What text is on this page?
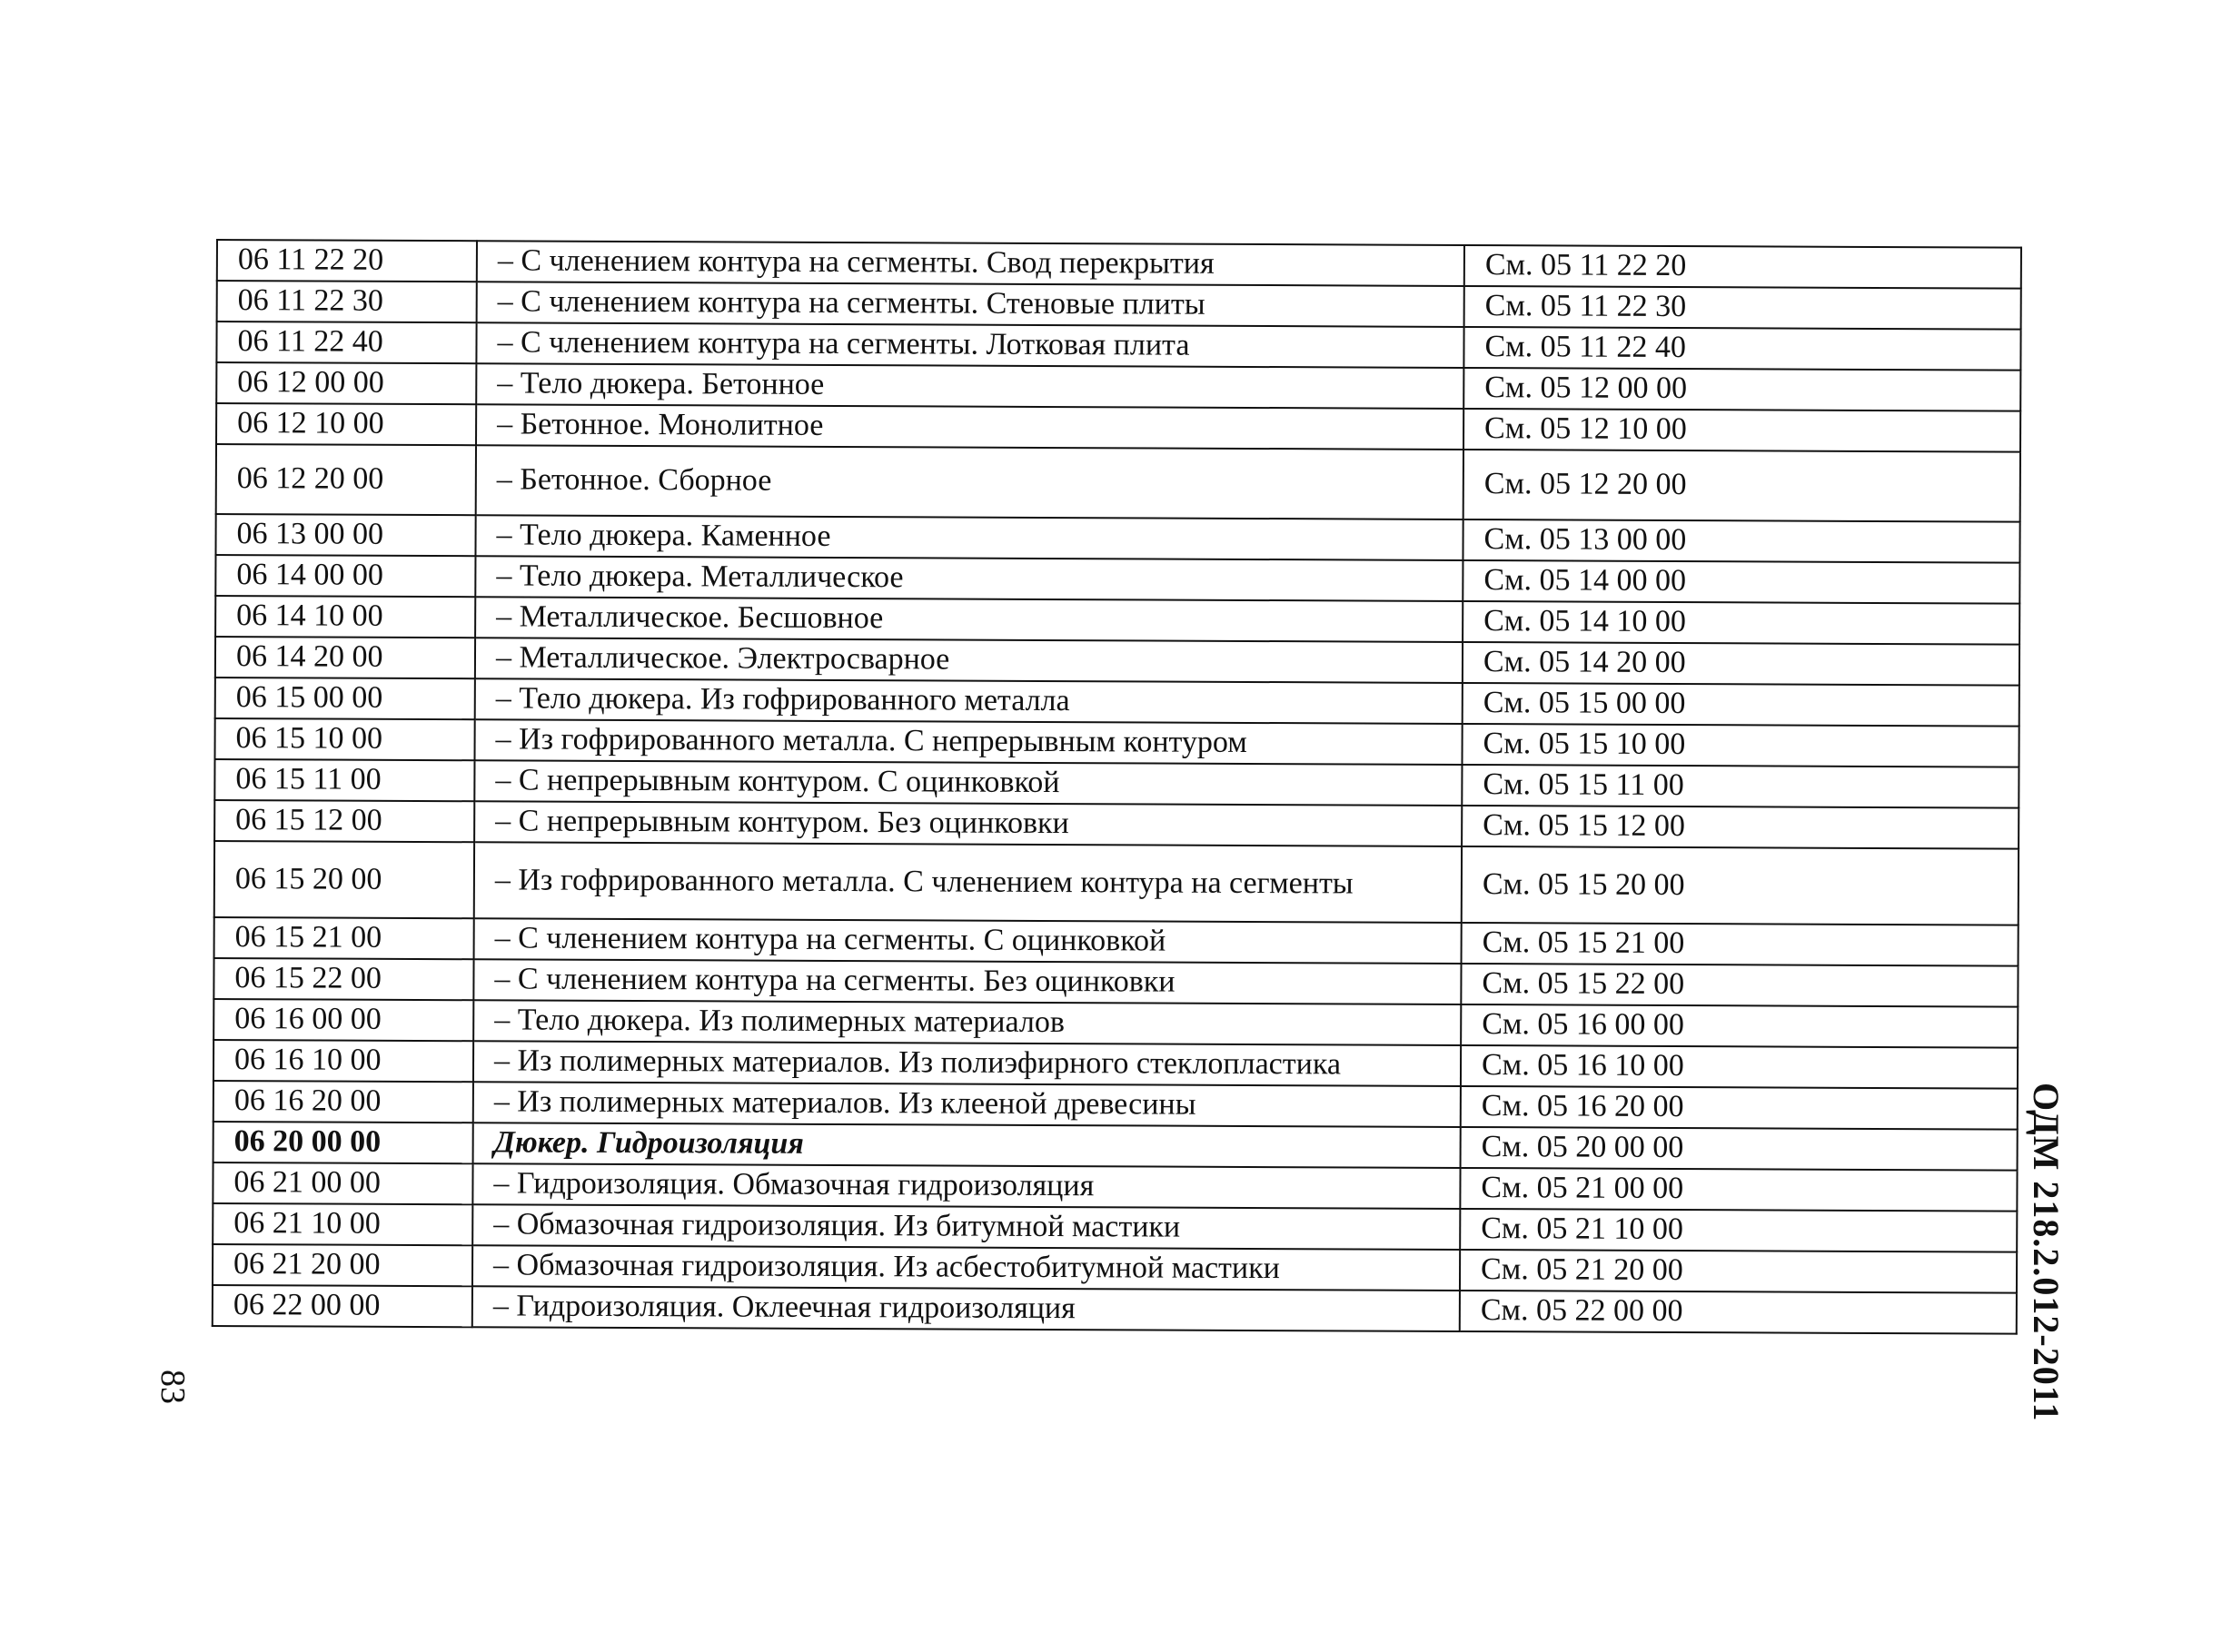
06 11 22 20	– С членением контура на сегменты. Свод перекрытия	См. 05 11 22 20
06 11 22 30	– С членением контура на сегменты. Стеновые плиты	См. 05 11 22 30
06 11 22 40	– С членением контура на сегменты. Лотковая плита	См. 05 11 22 40
06 12 00 00	– Тело дюкера. Бетонное	См. 05 12 00 00
06 12 10 00	– Бетонное. Монолитное	См. 05 12 10 00
06 12 20 00	– Бетонное. Сборное	См. 05 12 20 00
06 13 00 00	– Тело дюкера. Каменное	См. 05 13 00 00
06 14 00 00	– Тело дюкера. Металлическое	См. 05 14 00 00
06 14 10 00	– Металлическое. Бесшовное	См. 05 14 10 00
06 14 20 00	– Металлическое. Электросварное	См. 05 14 20 00
06 15 00 00	– Тело дюкера. Из гофрированного металла	См. 05 15 00 00
06 15 10 00	– Из гофрированного металла. С непрерывным контуром	См. 05 15 10 00
06 15 11 00	– С непрерывным контуром. С оцинковкой	См. 05 15 11 00
06 15 12 00	– С непрерывным контуром. Без оцинковки	См. 05 15 12 00
06 15 20 00	– Из гофрированного металла. С членением контура на сегменты	См. 05 15 20 00
06 15 21 00	– С членением контура на сегменты. С оцинковкой	См. 05 15 21 00
06 15 22 00	– С членением контура на сегменты. Без оцинковки	См. 05 15 22 00
06 16 00 00	– Тело дюкера. Из полимерных материалов	См. 05 16 00 00
06 16 10 00	– Из полимерных материалов. Из полиэфирного стеклопластика	См. 05 16 10 00
06 16 20 00	– Из полимерных материалов. Из клееной древесины	См. 05 16 20 00
06 20 00 00	Дюкер. Гидроизоляция	См. 05 20 00 00
06 21 00 00	– Гидроизоляция. Обмазочная гидроизоляция	См. 05 21 00 00
06 21 10 00	– Обмазочная гидроизоляция. Из битумной мастики	См. 05 21 10 00
06 21 20 00	– Обмазочная гидроизоляция. Из асбестобитумной мастики	См. 05 21 20 00
06 22 00 00	– Гидроизоляция. Оклеечная гидроизоляция	См. 05 22 00 00	ОДМ 218.2.012-2011
83
